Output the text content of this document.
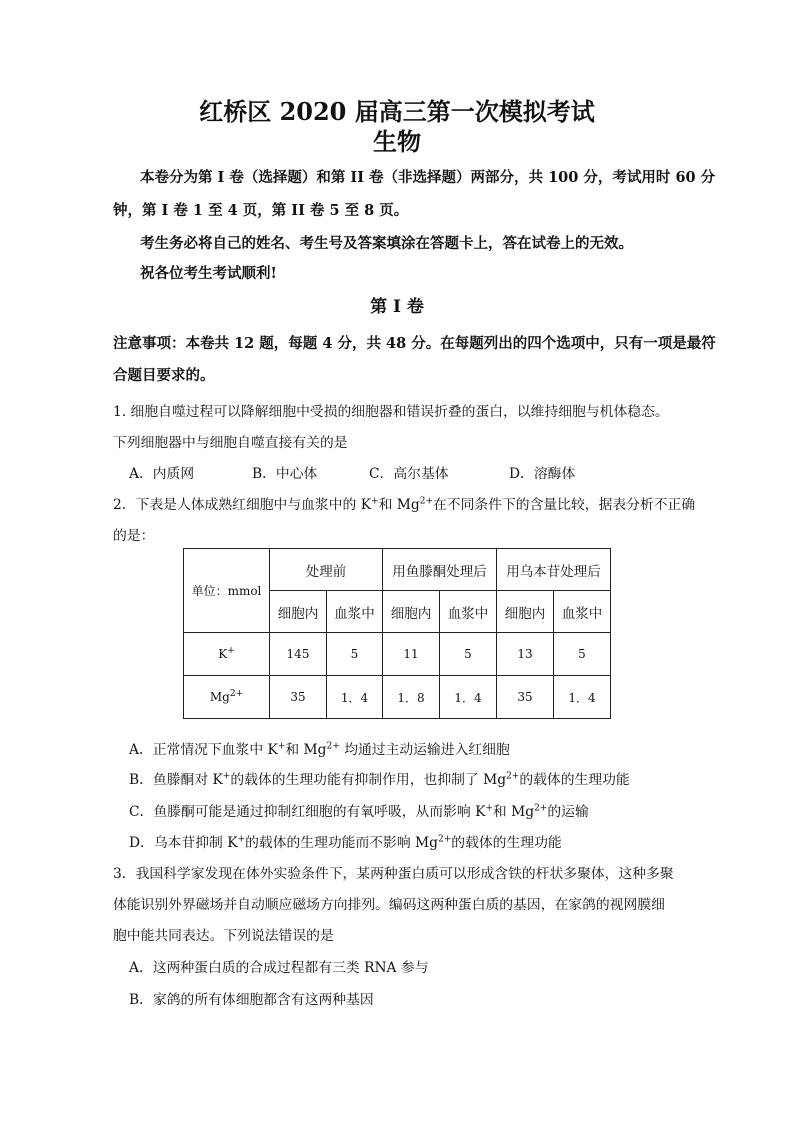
红桥区 2020 届高三第一次模拟考试
生物
本卷分为第 I 卷（选择题）和第 II 卷（非选择题）两部分，共 100 分，考试用时 60 分
钟，第 I 卷 1 至 4 页，第 II 卷 5 至 8 页。
考生务必将自己的姓名、考生号及答案填涂在答题卡上，答在试卷上的无效。
祝各位考生考试顺利!
第 I 卷
注意事项：本卷共 12 题，每题 4 分，共 48 分。在每题列出的四个选项中，只有一项是最符
合题目要求的。
1. 细胞自噬过程可以降解细胞中受损的细胞器和错误折叠的蛋白，以维持细胞与机体稳态。
下列细胞器中与细胞自噬直接有关的是
A．内质网	B．中心体	C．高尔基体	D．溶酶体
2．下表是人体成熟红细胞中与血浆中的 K+和 $Mg^{2+}$在不同条件下的含量比较，据表分析不正确
的是：
单位：mmol	处理前		用鱼滕酮处理后		用乌本苷处理后	
	细胞内	血浆中	细胞内	血浆中	细胞内	血浆中
K+	145	5	11	5	13	5
$Mg^{2+}$	35	1．4	1．8	1．4	35	1．4
A．正常情况下血浆中 K+和 $Mg^{2+}$ 均通过主动运输进入红细胞
B．鱼滕酮对 K+的载体的生理功能有抑制作用，也抑制了 $Mg^{2+}$的载体的生理功能
C．鱼滕酮可能是通过抑制红细胞的有氧呼吸，从而影响 K+和 $Mg^{2+}$的运输
D．乌本苷抑制 K+的载体的生理功能而不影响 $Mg^{2+}$的载体的生理功能
3．我国科学家发现在体外实验条件下，某两种蛋白质可以形成含铁的杆状多聚体，这种多聚
体能识别外界磁场并自动顺应磁场方向排列。编码这两种蛋白质的基因，在家鸽的视网膜细
胞中能共同表达。下列说法错误的是
A．这两种蛋白质的合成过程都有三类 RNA 参与
B．家鸽的所有体细胞都含有这两种基因
